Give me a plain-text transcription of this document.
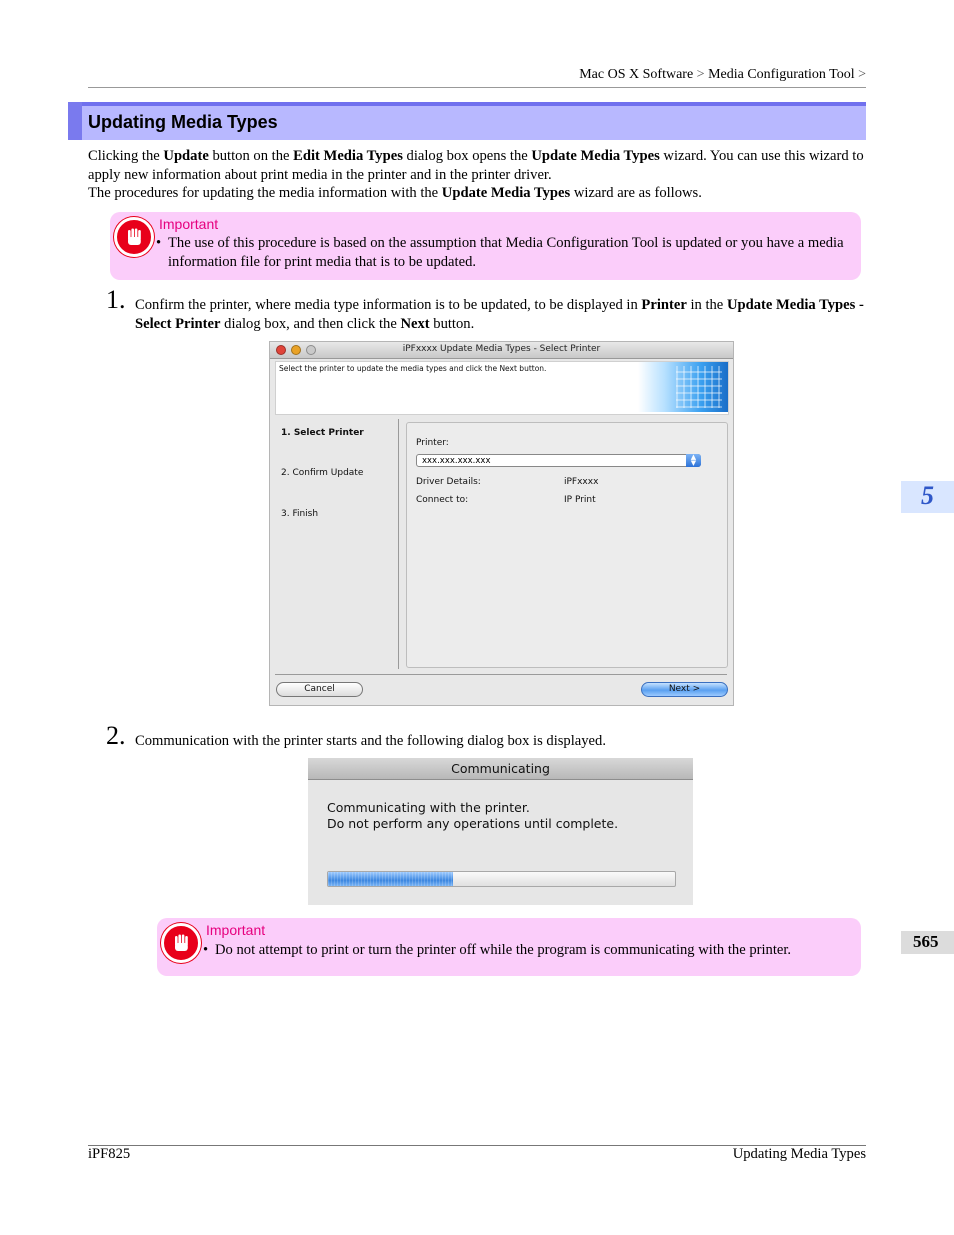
Mac OS X Software > Media Configuration Tool >
Updating Media Types
Clicking the Update button on the Edit Media Types dialog box opens the Update Media Types wizard. You can use this wizard to apply new information about print media in the printer and in the printer driver.
The procedures for updating the media information with the Update Media Types wizard are as follows.
Important
• The use of this procedure is based on the assumption that Media Configuration Tool is updated or you have a media information file for print media that is to be updated.
1. Confirm the printer, where media type information is to be updated, to be displayed in Printer in the Update Media Types - Select Printer dialog box, and then click the Next button.
iPFxxxx Update Media Types - Select Printer
Select the printer to update the media types and click the Next button.
1. Select Printer
2. Confirm Update
3. Finish
Printer:
xxx.xxx.xxx.xxx	▲
▼
Driver Details:	iPFxxxx
Connect to:	IP Print
Cancel	Next >
2. Communication with the printer starts and the following dialog box is displayed.
Communicating
Communicating with the printer.
Do not perform any operations until complete.
Important
• Do not attempt to print or turn the printer off while the program is communicating with the printer.
5
565
iPF825	Updating Media Types
